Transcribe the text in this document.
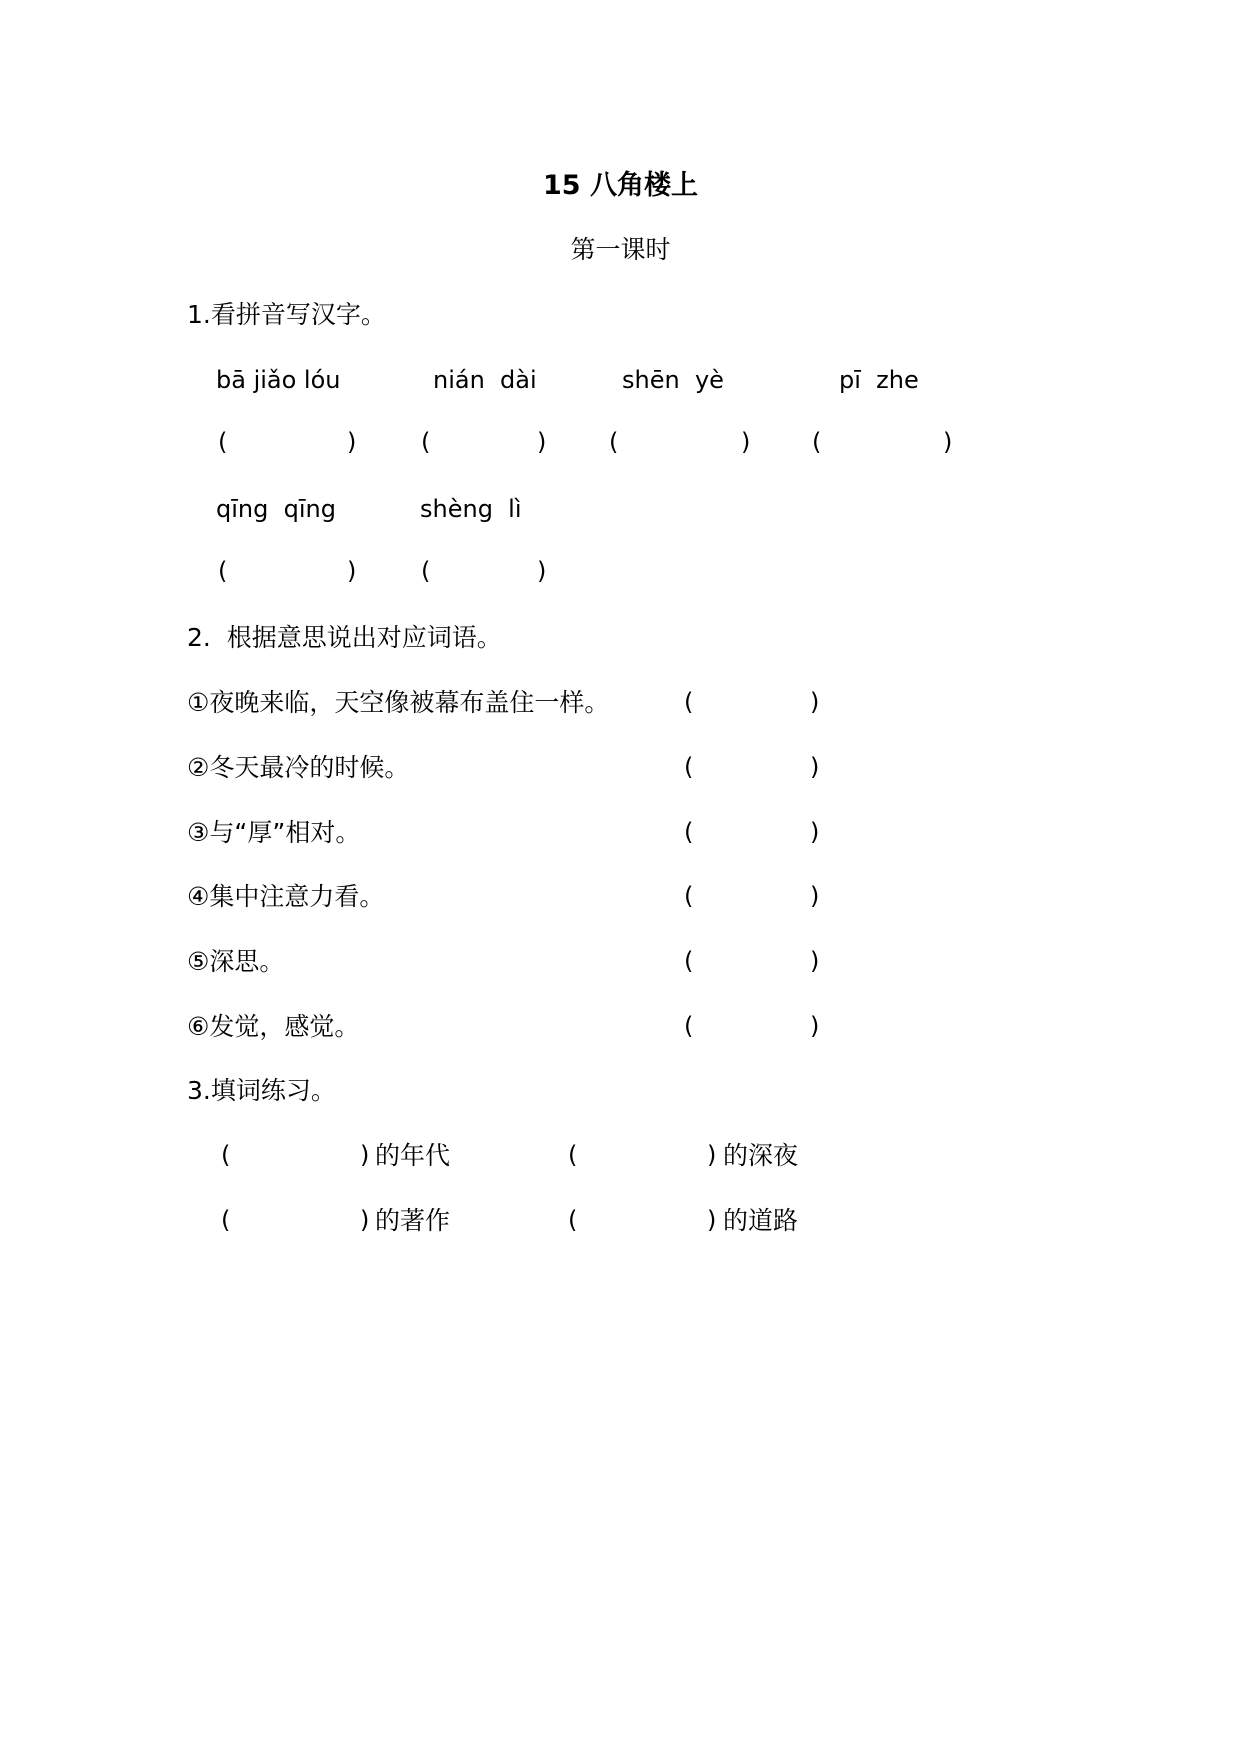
15 八角楼上
第一课时
1.看拼音写汉字。
bā jiǎo lóu	nián  dài	shēn  yè	pī  zhe
(	)	(	)	(	)	(	)
qīng  qīng	shèng  lì
(	)	(	)
2.  根据意思说出对应词语。
①夜晚来临，天空像被幕布盖住一样。	(	)
②冬天最冷的时候。	(	)
③与“厚”相对。	(	)
④集中注意力看。	(	)
⑤深思。	(	)
⑥发觉，感觉。	(	)
3.填词练习。
(	) 的年代	(	) 的深夜
(	) 的著作	(	) 的道路
